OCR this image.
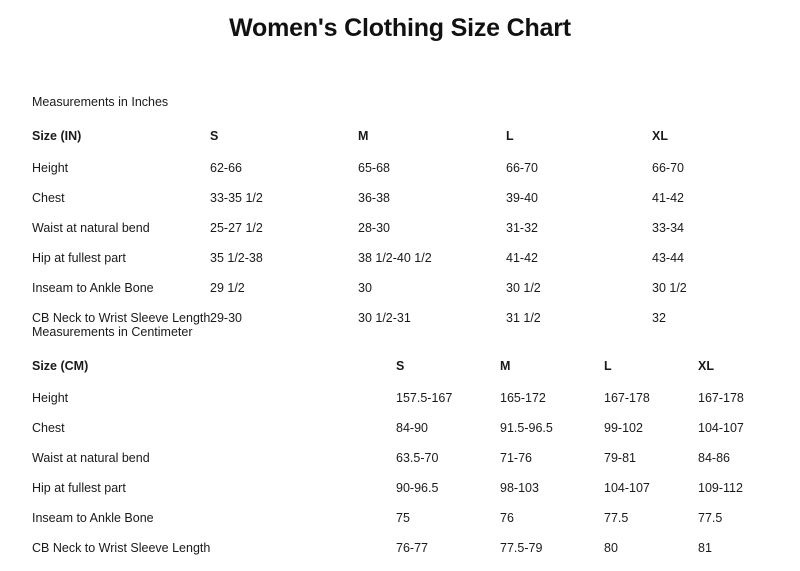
Women's Clothing Size Chart

Measurements in Inches

Size (IN)	S	M	L	XL
Height	62-66	65-68	66-70	66-70
Chest	33-35 1/2	36-38	39-40	41-42
Waist at natural bend	25-27 1/2	28-30	31-32	33-34
Hip at fullest part	35 1/2-38	38 1/2-40 1/2	41-42	43-44
Inseam to Ankle Bone	29 1/2	30	30 1/2	30 1/2
CB Neck to Wrist Sleeve Length	29-30	30 1/2-31	31 1/2	32

Measurements in Centimeter

Size (CM)	S	M	L	XL
Height	157.5-167	165-172	167-178	167-178
Chest	84-90	91.5-96.5	99-102	104-107
Waist at natural bend	63.5-70	71-76	79-81	84-86
Hip at fullest part	90-96.5	98-103	104-107	109-112
Inseam to Ankle Bone	75	76	77.5	77.5
CB Neck to Wrist Sleeve Length	76-77	77.5-79	80	81
